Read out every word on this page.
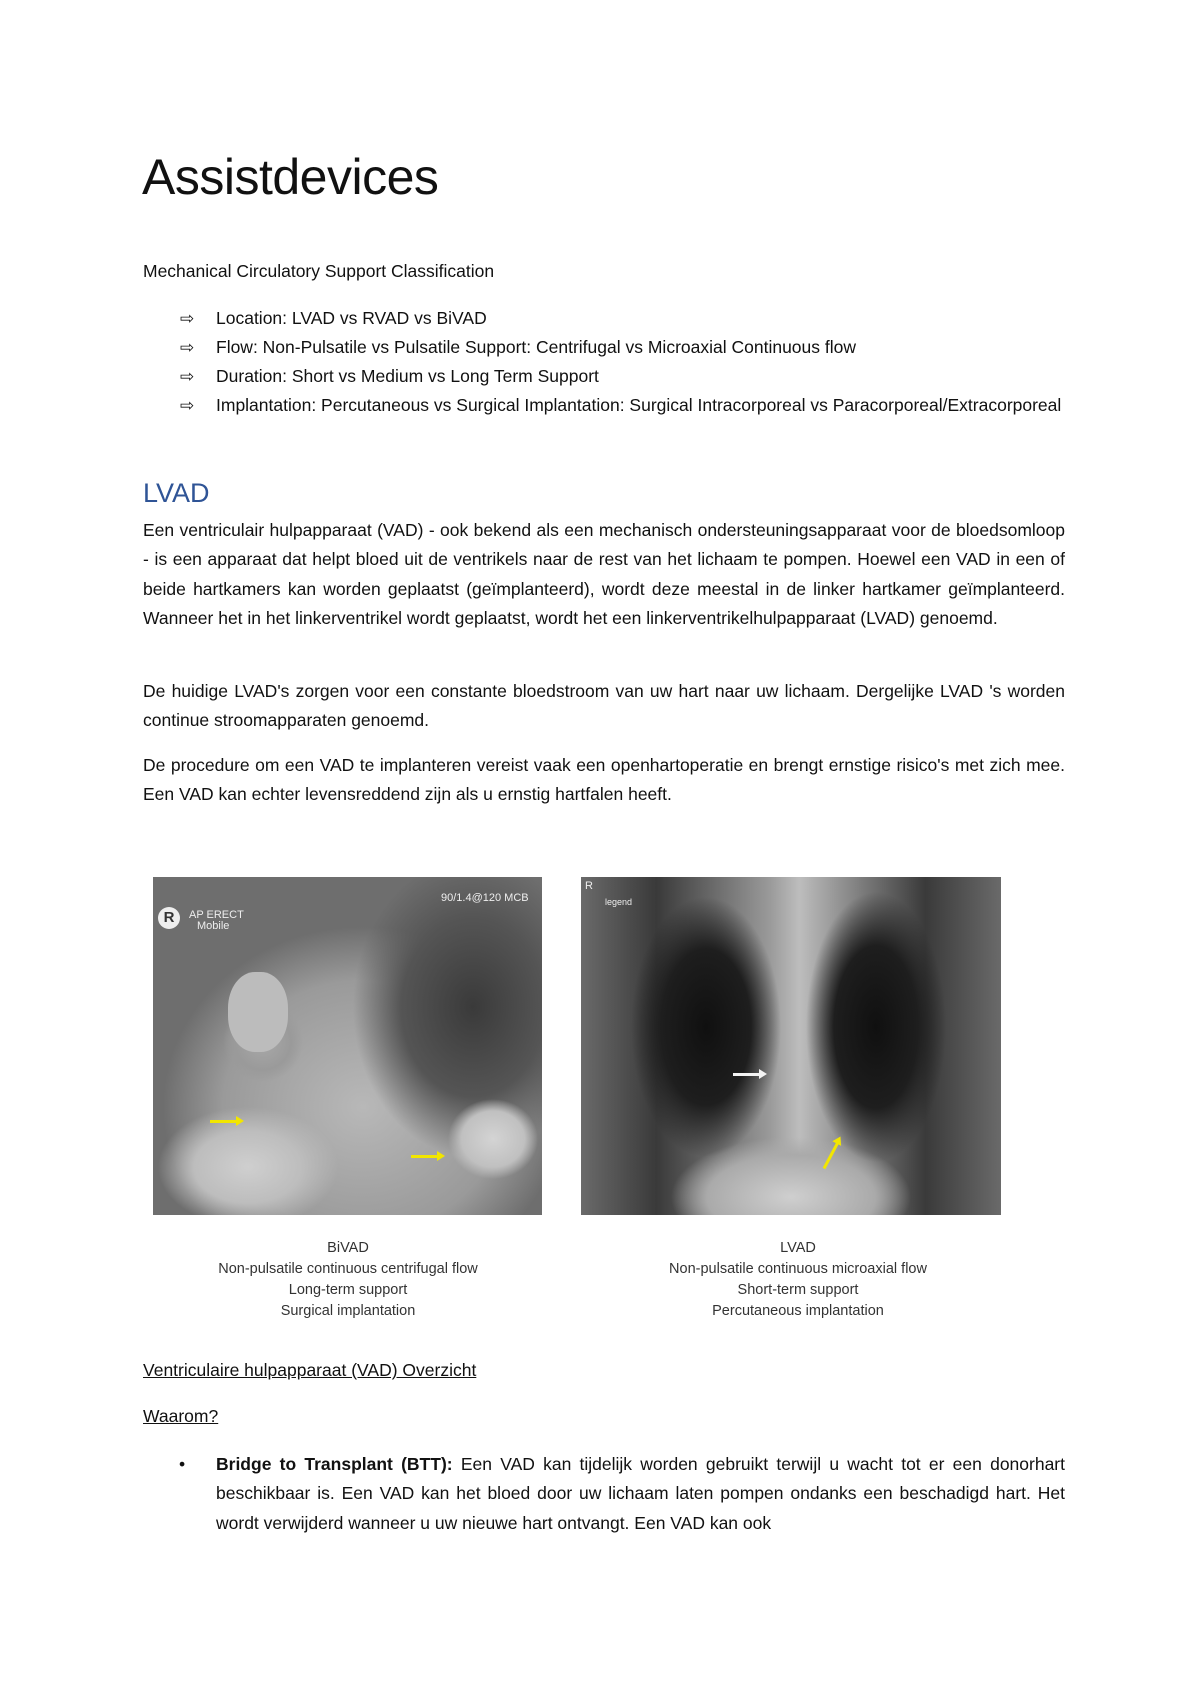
Assistdevices
Mechanical Circulatory Support Classification
⇨ Location: LVAD vs RVAD vs BiVAD
⇨ Flow: Non-Pulsatile vs Pulsatile Support: Centrifugal vs Microaxial Continuous flow
⇨ Duration: Short vs Medium vs Long Term Support
⇨ Implantation: Percutaneous vs Surgical Implantation: Surgical Intracorporeal vs Paracorporeal/Extracorporeal
LVAD
Een ventriculair hulpapparaat (VAD) - ook bekend als een mechanisch ondersteuningsapparaat voor de bloedsomloop - is een apparaat dat helpt bloed uit de ventrikels naar de rest van het lichaam te pompen. Hoewel een VAD in een of beide hartkamers kan worden geplaatst (geïmplanteerd), wordt deze meestal in de linker hartkamer geïmplanteerd. Wanneer het in het linkerventrikel wordt geplaatst, wordt het een linkerventrikelhulpapparaat (LVAD) genoemd.
De huidige LVAD's zorgen voor een constante bloedstroom van uw hart naar uw lichaam. Dergelijke LVAD 's worden continue stroomapparaten genoemd.
De procedure om een VAD te implanteren vereist vaak een openhartoperatie en brengt ernstige risico's met zich mee. Een VAD kan echter levensreddend zijn als u ernstig hartfalen heeft.
R	AP ERECT
Mobile
90/1.4@120 MCB
R
legend
BiVAD
Non-pulsatile continuous centrifugal flow
Long-term support
Surgical implantation
LVAD
Non-pulsatile continuous microaxial flow
Short-term support
Percutaneous implantation
Ventriculaire hulpapparaat (VAD) Overzicht
Waarom?
• Bridge to Transplant (BTT): Een VAD kan tijdelijk worden gebruikt terwijl u wacht tot er een donorhart beschikbaar is. Een VAD kan het bloed door uw lichaam laten pompen ondanks een beschadigd hart. Het wordt verwijderd wanneer u uw nieuwe hart ontvangt. Een VAD kan ook
